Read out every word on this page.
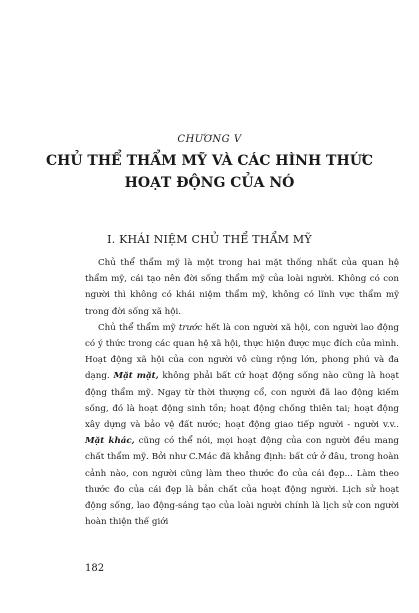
CHƯƠNG V
CHỦ THỂ THẨM MỸ VÀ CÁC HÌNH THỨC
HOẠT ĐỘNG CỦA NÓ
I. KHÁI NIỆM CHỦ THỂ THẨM MỸ

Chủ thể thẩm mỹ là một trong hai mặt thống nhất của quan hệ thẩm mỹ, cái tạo nên đời sống thẩm mỹ của loài người. Không có con người thì không có khái niệm thẩm mỹ, không có lĩnh vực thẩm mỹ trong đời sống xã hội.

Chủ thể thẩm mỹ trước hết là con người xã hội, con người lao động có ý thức trong các quan hệ xã hội, thực hiện được mục đích của mình. Hoạt động xã hội của con người vô cùng rộng lớn, phong phú và đa dạng. Mặt mặt, không phải bất cứ hoạt động sống nào cũng là hoạt động thẩm mỹ. Ngay từ thời thượng cổ, con người đã lao động kiếm sống, đó là hoạt động sinh tồn; hoạt động chống thiên tai; hoạt động xây dựng và bảo vệ đất nước; hoạt động giao tiếp người - người v.v.. Mặt khác, cũng có thể nói, mọi hoạt động của con người đều mang chất thẩm mỹ. Bởi như C.Mác đã khẳng định: bất cứ ở đâu, trong hoàn cảnh nào, con người cũng làm theo thước đo của cái đẹp... Làm theo thước đo của cái đẹp là bản chất của hoạt động người. Lịch sử hoạt động sống, lao động-sáng tạo của loài người chính là lịch sử con người hoàn thiện thế giới

182
